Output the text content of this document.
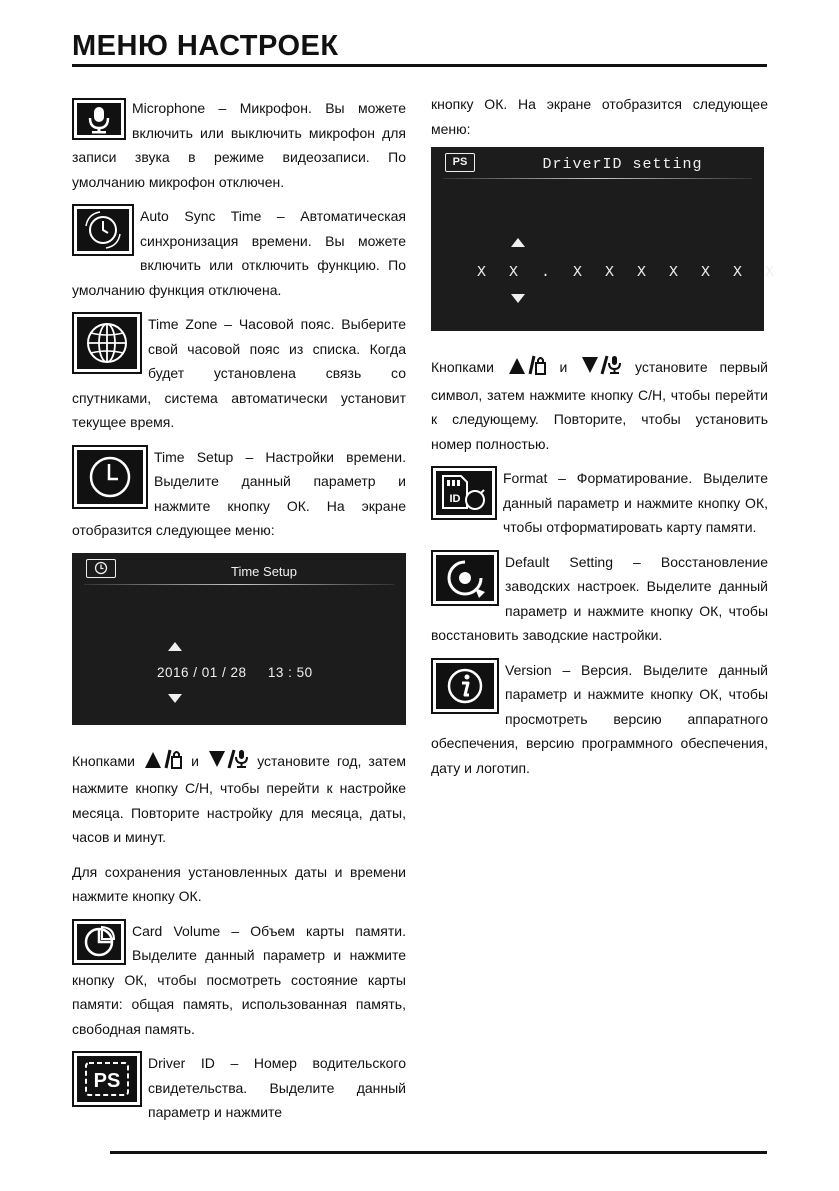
МЕНЮ НАСТРОЕК
Microphone – Микрофон. Вы можете включить или выключить микрофон для записи звука в режиме видеозаписи. По умолчанию микрофон отключен.
Auto Sync Time – Автоматическая синхронизация времени. Вы можете включить или отключить функцию. По умолчанию функция отключена.
Time Zone – Часовой пояс. Выберите свой часовой пояс из списка. Когда будет установлена связь со спутниками, система автоматически установит текущее время.
Time Setup – Настройки времени. Выделите данный параметр и нажмите кнопку ОК. На экране отобразится следующее меню:
Time Setup
2016 / 01 / 28     13 : 50
Кнопками	и	установите год, затем нажмите кнопку С/Н, чтобы перейти к настройке месяца. Повторите настройку для месяца, даты, часов и минут.
Для сохранения установленных даты и времени нажмите кнопку ОК.
Card Volume – Объем карты памяти. Выделите данный параметр и нажмите кнопку ОК, чтобы посмотреть состояние карты памяти: общая память, использованная память, свободная память.
PS
Driver ID – Номер водительского свидетельства. Выделите данный параметр и нажмите
кнопку ОК. На экране отобразится следующее меню:
PS	DriverID setting
X X . X X X X X X X
Кнопками	и	установите первый символ, затем нажмите кнопку С/Н, чтобы перейти к следующему. Повторите, чтобы установить номер полностью.
ID
Format – Форматирование. Выделите данный параметр и нажмите кнопку ОК, чтобы отформатировать карту памяти.
Default Setting – Восстановление заводских настроек. Выделите данный параметр и нажмите кнопку ОК, чтобы восстановить заводские настройки.
Version – Версия. Выделите данный параметр и нажмите кнопку ОК, чтобы просмотреть версию аппаратного обеспечения, версию программного обеспечения, дату и логотип.
